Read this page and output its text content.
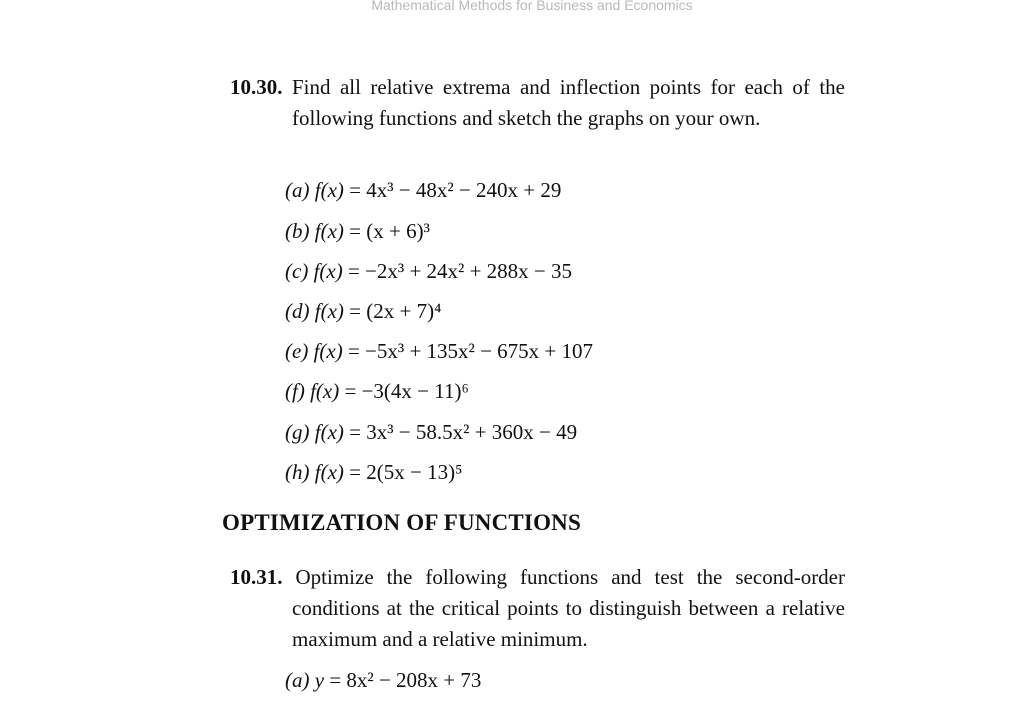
Mathematical Methods for Business and Economics
10.30. Find all relative extrema and inflection points for each of the following functions and sketch the graphs on your own.
(a) f(x) = 4x³ − 48x² − 240x + 29
(b) f(x) = (x + 6)³
(c) f(x) = −2x³ + 24x² + 288x − 35
(d) f(x) = (2x + 7)⁴
(e) f(x) = −5x³ + 135x² − 675x + 107
(f) f(x) = −3(4x − 11)⁶
(g) f(x) = 3x³ − 58.5x² + 360x − 49
(h) f(x) = 2(5x − 13)⁵
OPTIMIZATION OF FUNCTIONS
10.31. Optimize the following functions and test the second-order conditions at the critical points to distinguish between a relative maximum and a relative minimum.
(a) y = 8x² − 208x + 73
